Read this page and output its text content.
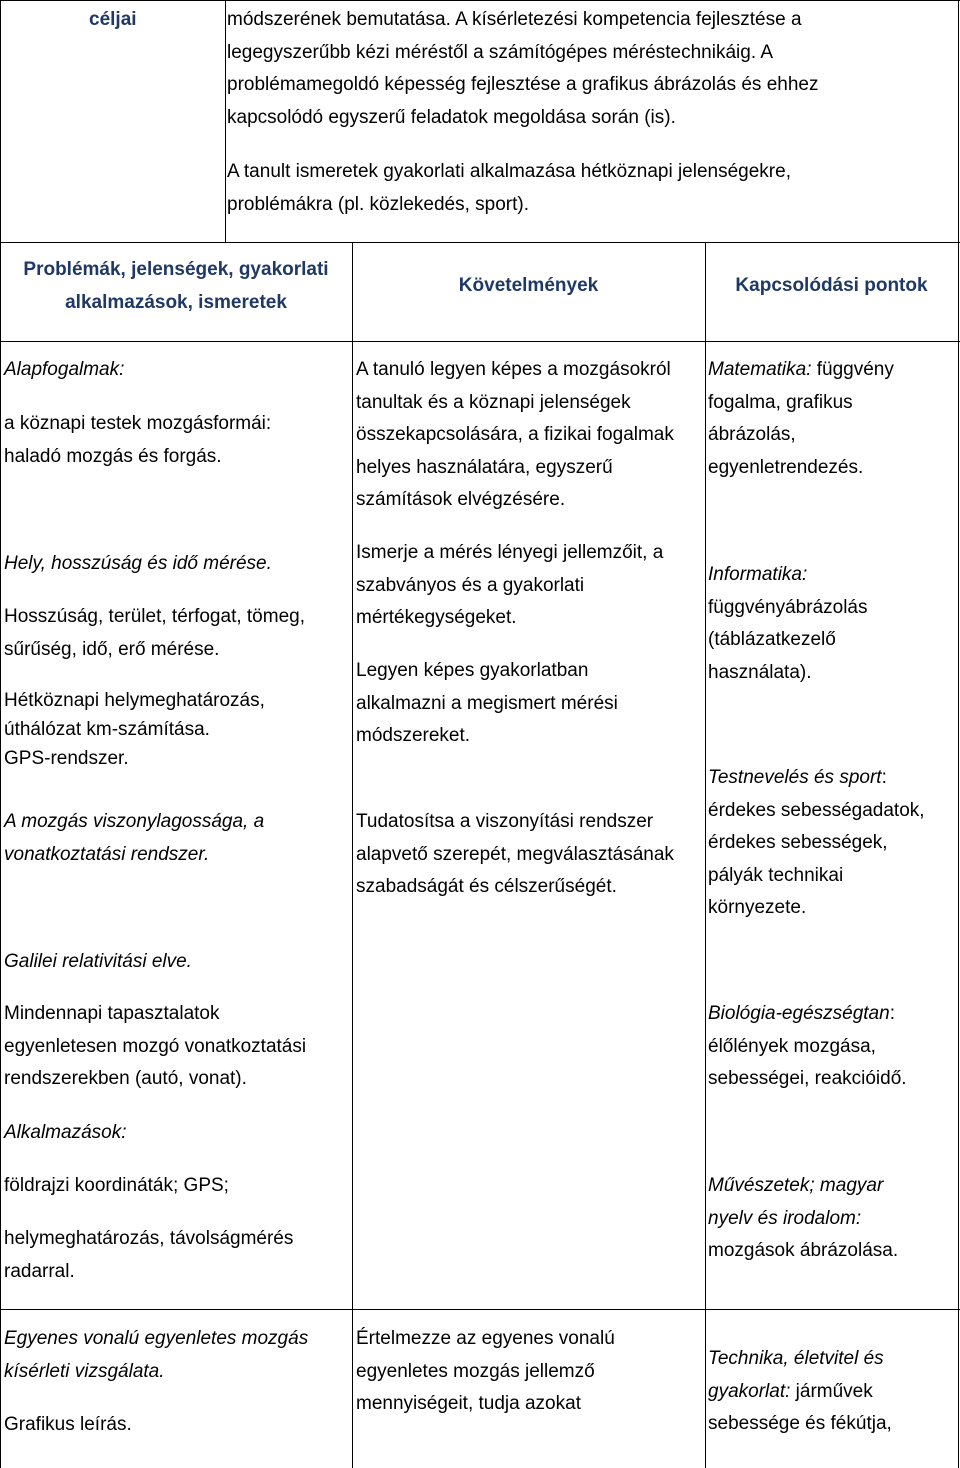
céljai	módszerének bemutatása. A kísérletezési kompetencia fejlesztése a
legegyszerűbb kézi méréstől a számítógépes méréstechnikáig. A
problémamegoldó képesség fejlesztése a grafikus ábrázolás és ehhez
kapcsolódó egyszerű feladatok megoldása során (is).
A tanult ismeretek gyakorlati alkalmazása hétköznapi jelenségekre,
problémákra (pl. közlekedés, sport).
Problémák, jelenségek, gyakorlati
alkalmazások, ismeretek
Követelmények	Kapcsolódási pontok
Alapfogalmak:
a köznapi testek mozgásformái:
haladó mozgás és forgás.
Hely, hosszúság és idő mérése.
Hosszúság, terület, térfogat, tömeg,
sűrűség, idő, erő mérése.
Hétköznapi helymeghatározás,
úthálózat km-számítása.
GPS-rendszer.
A mozgás viszonylagossága, a
vonatkoztatási rendszer.
Galilei relativitási elve.
Mindennapi tapasztalatok
egyenletesen mozgó vonatkoztatási
rendszerekben (autó, vonat).
Alkalmazások:
földrajzi koordináták; GPS;
helymeghatározás, távolságmérés
radarral.
Egyenes vonalú egyenletes mozgás
kísérleti vizsgálata.
Grafikus leírás.
A tanuló legyen képes a mozgásokról
tanultak és a köznapi jelenségek
összekapcsolására, a fizikai fogalmak
helyes használatára, egyszerű
számítások elvégzésére.
Ismerje a mérés lényegi jellemzőit, a
szabványos és a gyakorlati
mértékegységeket.
Legyen képes gyakorlatban
alkalmazni a megismert mérési
módszereket.
Tudatosítsa a viszonyítási rendszer
alapvető szerepét, megválasztásának
szabadságát és célszerűségét.
Értelmezze az egyenes vonalú
egyenletes mozgás jellemző
mennyiségeit, tudja azokat
Matematika: függvény
fogalma, grafikus
ábrázolás,
egyenletrendezés.
Informatika:
függvényábrázolás
(táblázatkezelő
használata).
Testnevelés és sport:
érdekes sebességadatok,
érdekes sebességek,
pályák technikai
környezete.
Biológia-egészségtan:
élőlények mozgása,
sebességei, reakcióidő.
Művészetek; magyar
nyelv és irodalom:
mozgások ábrázolása.
Technika, életvitel és
gyakorlat: járművek
sebessége és fékútja,
